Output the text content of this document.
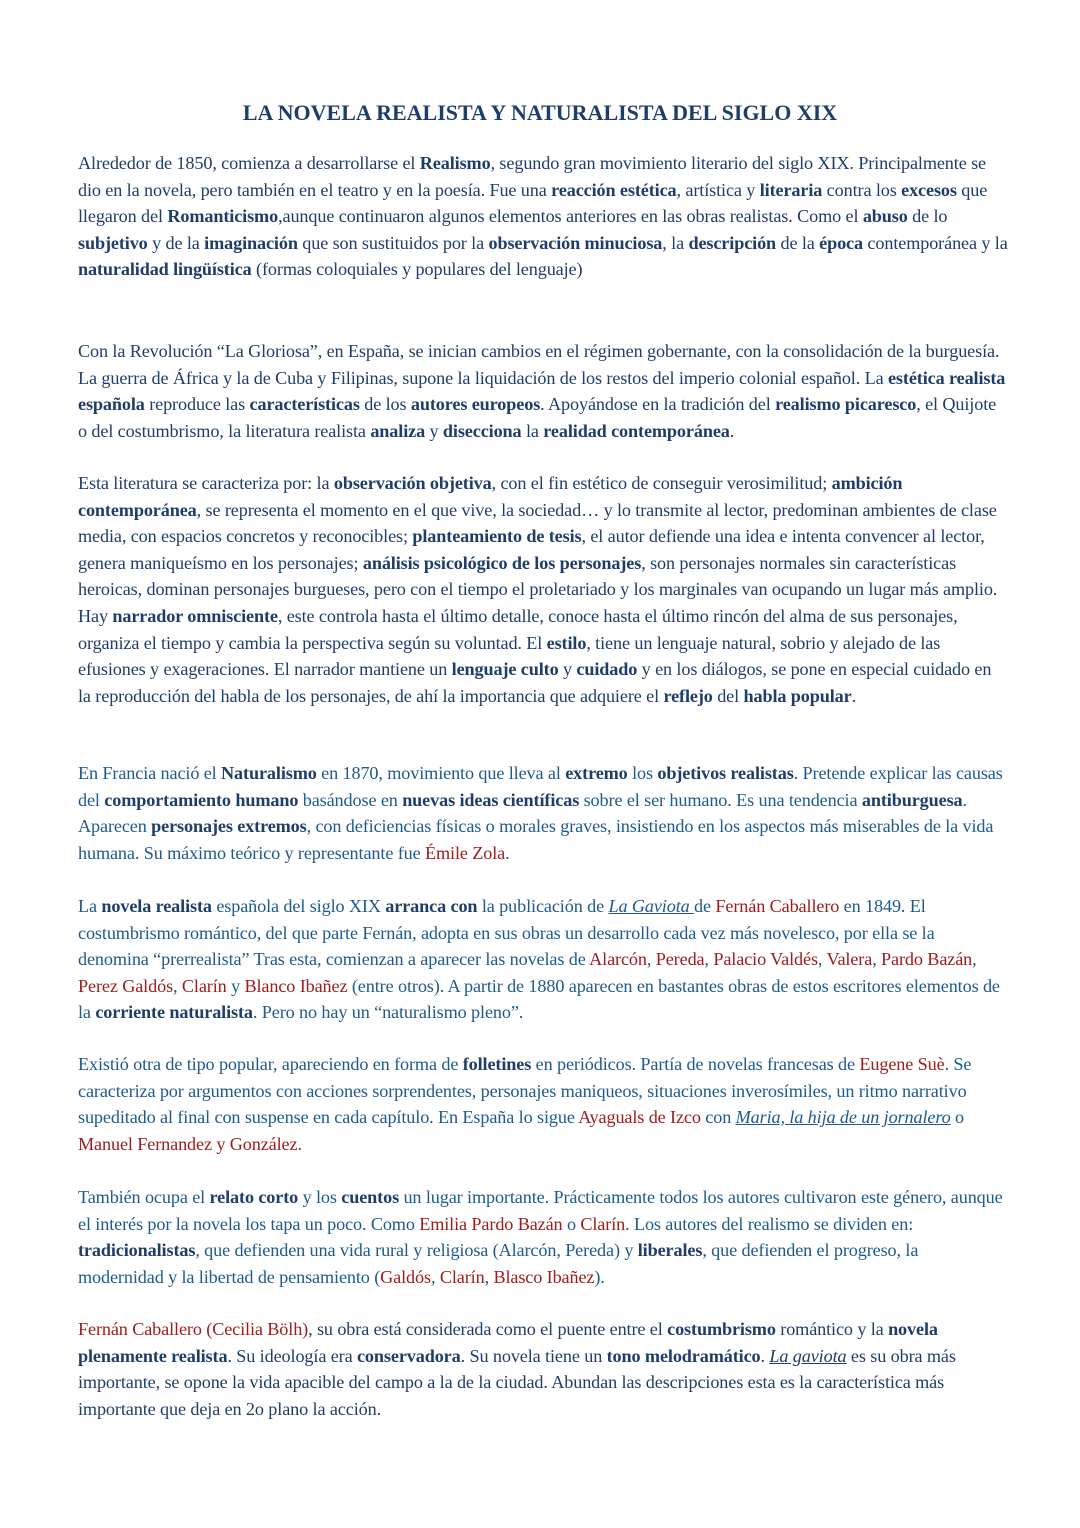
LA NOVELA REALISTA Y NATURALISTA DEL SIGLO XIX

Alrededor de 1850, comienza a desarrollarse el Realismo, segundo gran movimiento literario del siglo XIX. Principalmente se dio en la novela, pero también en el teatro y en la poesía. Fue una reacción estética, artística y literaria contra los excesos que llegaron del Romanticismo,aunque continuaron algunos elementos anteriores en las obras realistas. Como el abuso de lo subjetivo y de la imaginación que son sustituidos por la observación minuciosa, la descripción de la época contemporánea y la naturalidad lingüística (formas coloquiales y populares del lenguaje)

Con la Revolución “La Gloriosa”, en España, se inician cambios en el régimen gobernante, con la consolidación de la burguesía. La guerra de África y la de Cuba y Filipinas, supone la liquidación de los restos del imperio colonial español. La estética realista española reproduce las características de los autores europeos. Apoyándose en la tradición del realismo picaresco, el Quijote o del costumbrismo, la literatura realista analiza y disecciona la realidad contemporánea.

Esta literatura se caracteriza por: la observación objetiva, con el fin estético de conseguir verosimilitud; ambición contemporánea, se representa el momento en el que vive, la sociedad… y lo transmite al lector, predominan ambientes de clase media, con espacios concretos y reconocibles; planteamiento de tesis, el autor defiende una idea e intenta convencer al lector, genera maniqueísmo en los personajes; análisis psicológico de los personajes, son personajes normales sin características heroicas, dominan personajes burgueses, pero con el tiempo el proletariado y los marginales van ocupando un lugar más amplio. Hay narrador omnisciente, este controla hasta el último detalle, conoce hasta el último rincón del alma de sus personajes, organiza el tiempo y cambia la perspectiva según su voluntad. El estilo, tiene un lenguaje natural, sobrio y alejado de las efusiones y exageraciones. El narrador mantiene un lenguaje culto y cuidado y en los diálogos, se pone en especial cuidado en la reproducción del habla de los personajes, de ahí la importancia que adquiere el reflejo del habla popular.

En Francia nació el Naturalismo en 1870, movimiento que lleva al extremo los objetivos realistas. Pretende explicar las causas del comportamiento humano basándose en nuevas ideas científicas sobre el ser humano. Es una tendencia antiburguesa. Aparecen personajes extremos, con deficiencias físicas o morales graves, insistiendo en los aspectos más miserables de la vida humana. Su máximo teórico y representante fue Émile Zola.

La novela realista española del siglo XIX arranca con la publicación de La Gaviota de Fernán Caballero en 1849. El costumbrismo romántico, del que parte Fernán, adopta en sus obras un desarrollo cada vez más novelesco, por ella se la denomina “prerrealista” Tras esta, comienzan a aparecer las novelas de Alarcón, Pereda, Palacio Valdés, Valera, Pardo Bazán, Perez Galdós, Clarín y Blanco Ibañez (entre otros). A partir de 1880 aparecen en bastantes obras de estos escritores elementos de la corriente naturalista. Pero no hay un “naturalismo pleno”.

Existió otra de tipo popular, apareciendo en forma de folletines en periódicos. Partía de novelas francesas de Eugene Suè. Se caracteriza por argumentos con acciones sorprendentes, personajes maniqueos, situaciones inverosímiles, un ritmo narrativo supeditado al final con suspense en cada capítulo. En España lo sigue Ayaguals de Izco con Maria, la hija de un jornalero o Manuel Fernandez y González.

También ocupa el relato corto y los cuentos un lugar importante. Prácticamente todos los autores cultivaron este género, aunque el interés por la novela los tapa un poco. Como Emilia Pardo Bazán o Clarín. Los autores del realismo se dividen en: tradicionalistas, que defienden una vida rural y religiosa (Alarcón, Pereda) y liberales, que defienden el progreso, la modernidad y la libertad de pensamiento (Galdós, Clarín, Blasco Ibañez).

Fernán Caballero (Cecilia Bölh), su obra está considerada como el puente entre el costumbrismo romántico y la novela plenamente realista. Su ideología era conservadora. Su novela tiene un tono melodramático. La gaviota es su obra más importante, se opone la vida apacible del campo a la de la ciudad. Abundan las descripciones esta es la característica más importante que deja en 2o plano la acción.
